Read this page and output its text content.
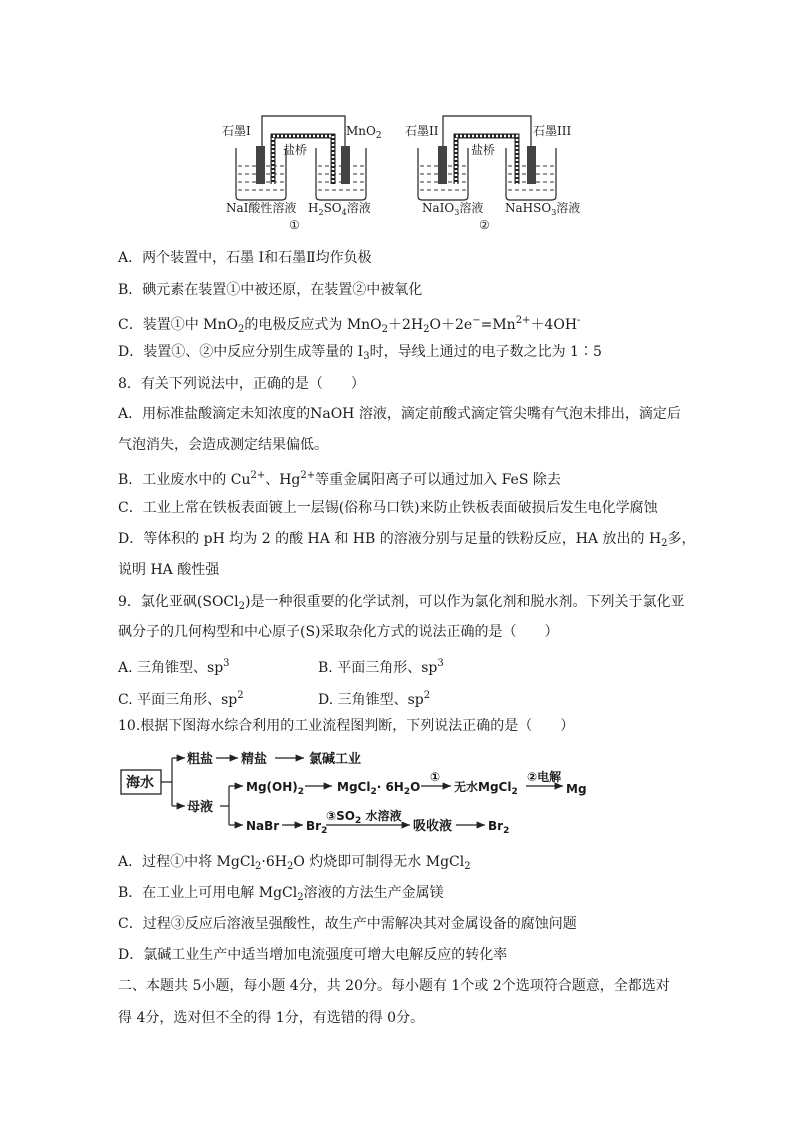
石墨I	MnO$_2$
盐桥
NaI酸性溶液 $H_2SO_4$溶液
①
石墨II	石墨III
盐桥
NaIO$_3$溶液 NaHSO$_3$溶液
②
A．两个装置中，石墨 I和石墨Ⅱ均作负极
B．碘元素在装置①中被还原，在装置②中被氧化
C．装置①中 MnO$_2$的电极反应式为 $MnO_2+2H_2O+2e^-=Mn^{2+}+4OH^-$
D．装置①、②中反应分别生成等量的 $I_3$时，导线上通过的电子数之比为 1∶5
8．有关下列说法中，正确的是（　　）
A．用标准盐酸滴定未知浓度的NaOH 溶液，滴定前酸式滴定管尖嘴有气泡未排出，滴定后
气泡消失，会造成测定结果偏低。
B．工业废水中的 $Cu^{2+}$、$Hg^{2+}$等重金属阳离子可以通过加入 FeS 除去
C．工业上常在铁板表面镀上一层锡(俗称马口铁)来防止铁板表面破损后发生电化学腐蚀
D．等体积的 pH 均为 2 的酸 HA 和 HB 的溶液分别与足量的铁粉反应，HA 放出的 $H_2$多，
说明 HA 酸性强
9．氯化亚砜(SOCl$_2$)是一种很重要的化学试剂，可以作为氯化剂和脱水剂。下列关于氯化亚
砜分子的几何构型和中心原子(S)采取杂化方式的说法正确的是（　　）
A. 三角锥型、$sp^3$	B. 平面三角形、$sp^3$
C. 平面三角形、$sp^2$	D. 三角锥型、$sp^2$
10.根据下图海水综合利用的工业流程图判断，下列说法正确的是（　　）
海水
粗盐 精盐	氯碱工业
母液
$Mg(OH)_2$	MgCl$_2$· $6H_2O$
①
无水MgCl$_2$
②电解
Mg
NaBr $Br_2$
$③SO_2$ 水溶液
吸收液	$Br_2$
A．过程①中将 $MgCl_2\cdot 6H_2O$ 灼烧即可制得无水 MgCl$_2$
B．在工业上可用电解 MgCl$_2$溶液的方法生产金属镁
C．过程③反应后溶液呈强酸性，故生产中需解决其对金属设备的腐蚀问题
D．氯碱工业生产中适当增加电流强度可增大电解反应的转化率
二、本题共 5小题，每小题 4分，共 20分。每小题有 1个或 2个选项符合题意，全都选对
得 4分，选对但不全的得 1分，有选错的得 0分。
